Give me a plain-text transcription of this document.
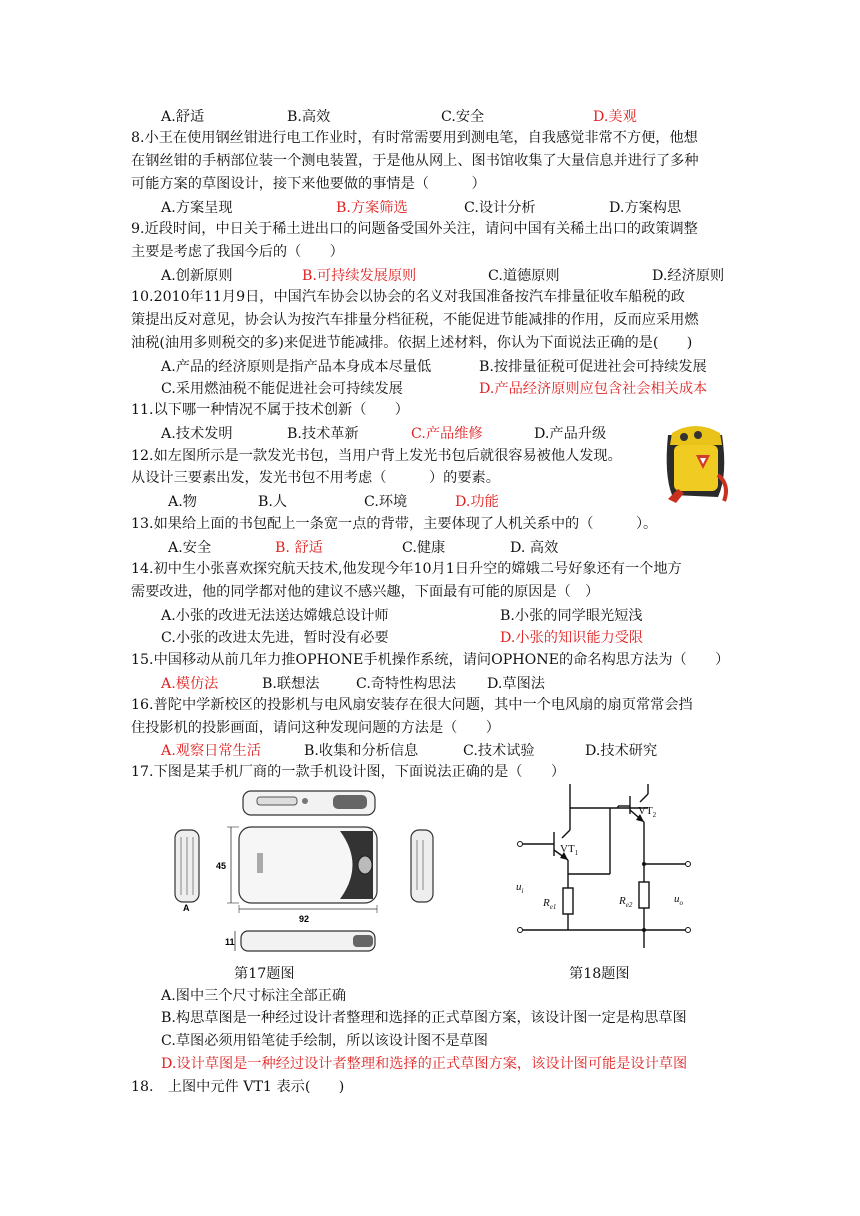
A.舒适	B.高效	C.安全	D.美观
8.小王在使用钢丝钳进行电工作业时，有时常需要用到测电笔，自我感觉非常不方便，他想
在钢丝钳的手柄部位装一个测电装置，于是他从网上、图书馆收集了大量信息并进行了多种
可能方案的草图设计，接下来他要做的事情是（　　　）
A.方案呈现	B.方案筛选	C.设计分析	D.方案构思
9.近段时间，中日关于稀土进出口的问题备受国外关注，请问中国有关稀土出口的政策调整
主要是考虑了我国今后的（　　）
A.创新原则	B.可持续发展原则	C.道德原则	D.经济原则
10.2010年11月9日，中国汽车协会以协会的名义对我国准备按汽车排量征收车船税的政
策提出反对意见，协会认为按汽车排量分档征税，不能促进节能减排的作用，反而应采用燃
油税(油用多则税交的多)来促进节能减排。依据上述材料，你认为下面说法正确的是(　　)
A.产品的经济原则是指产品本身成本尽量低	B.按排量征税可促进社会可持续发展
C.采用燃油税不能促进社会可持续发展	D.产品经济原则应包含社会相关成本
11.以下哪一种情况不属于技术创新（　　）
A.技术发明	B.技术革新	C.产品维修	D.产品升级
12.如左图所示是一款发光书包，当用户背上发光书包后就很容易被他人发现。
从设计三要素出发，发光书包不用考虑（　　　）的要素。
A.物	B.人	C.环境	D.功能
13.如果给上面的书包配上一条宽一点的背带，主要体现了人机关系中的（　　　）。
A.安全	B. 舒适	C.健康	D. 高效
14.初中生小张喜欢探究航天技术,他发现今年10月1日升空的嫦娥二号好象还有一个地方
需要改进，他的同学都对他的建议不感兴趣，下面最有可能的原因是（　）
A.小张的改进无法送达嫦娥总设计师	B.小张的同学眼光短浅
C.小张的改进太先进，暂时没有必要	D.小张的知识能力受限
15.中国移动从前几年力推OPHONE手机操作系统，请问OPHONE的命名构思方法为（　　）
A.模仿法	B.联想法	C.奇特性构思法 D.草图法
16.普陀中学新校区的投影机与电风扇安装存在很大问题，其中一个电风扇的扇页常常会挡
住投影机的投影画面，请问这种发现问题的方法是（　　）
A.观察日常生活	B.收集和分析信息	C.技术试验	D.技术研究
17.下图是某手机厂商的一款手机设计图，下面说法正确的是（　　）
A
45
92
11
第17题图
$VT_1$
$VT_2$
$u_i$
$R_{e1}$	$R_{e2}$	$u_o$
第18题图
A.图中三个尺寸标注全部正确
B.构思草图是一种经过设计者整理和选择的正式草图方案，该设计图一定是构思草图
C.草图必须用铅笔徒手绘制，所以该设计图不是草图
D.设计草图是一种经过设计者整理和选择的正式草图方案，该设计图可能是设计草图
18.　上图中元件 VT1 表示(　　)
